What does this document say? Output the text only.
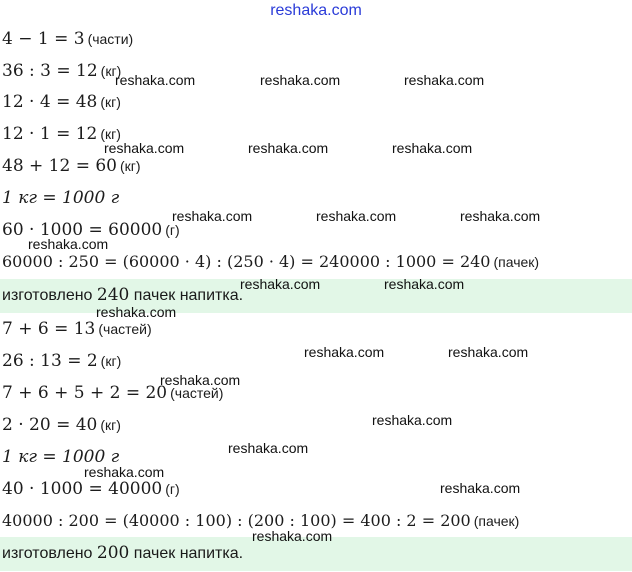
reshaka.com
4 − 1 = 3 (части)
36 : 3 = 12 (кг)
12 · 4 = 48 (кг)
12 · 1 = 12 (кг)
48 + 12 = 60 (кг)
1 кг = 1000 г
60 · 1000 = 60000 (г)
60000 : 250 = (60000 · 4) : (250 · 4) = 240000 : 1000 = 240 (пачек)
изготовлено 240 пачек напитка.
7 + 6 = 13 (частей)
26 : 13 = 2 (кг)
7 + 6 + 5 + 2 = 20 (частей)
2 · 20 = 40 (кг)
1 кг = 1000 г
40 · 1000 = 40000 (г)
40000 : 200 = (40000 : 100) : (200 : 100) = 400 : 2 = 200 (пачек)
изготовлено 200 пачек напитка.
reshaka.com	reshaka.com	reshaka.com
reshaka.com	reshaka.com	reshaka.com
reshaka.com	reshaka.com	reshaka.com
reshaka.com
reshaka.com	reshaka.com
reshaka.com
reshaka.com	reshaka.com
reshaka.com
reshaka.com
reshaka.com
reshaka.com
reshaka.com
reshaka.com
